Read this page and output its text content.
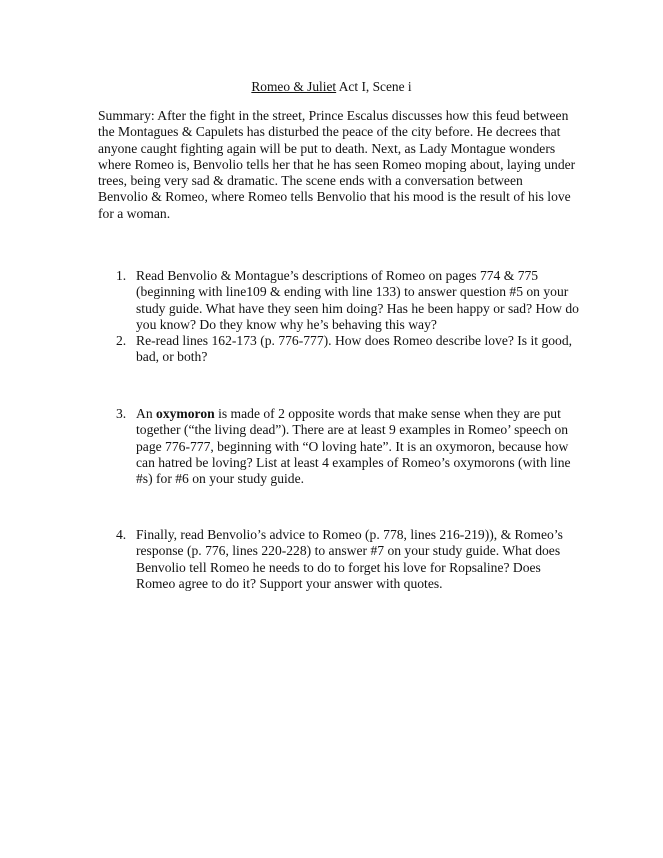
Romeo & Juliet Act I, Scene i

Summary: After the fight in the street, Prince Escalus discusses how this feud between the Montagues & Capulets has disturbed the peace of the city before. He decrees that anyone caught fighting again will be put to death. Next, as Lady Montague wonders where Romeo is, Benvolio tells her that he has seen Romeo moping about, laying under trees, being very sad & dramatic. The scene ends with a conversation between Benvolio & Romeo, where Romeo tells Benvolio that his mood is the result of his love for a woman.

1. Read Benvolio & Montague’s descriptions of Romeo on pages 774 & 775 (beginning with line109 & ending with line 133) to answer question #5 on your study guide. What have they seen him doing? Has he been happy or sad? How do you know? Do they know why he’s behaving this way?

2. Re-read lines 162-173 (p. 776-777). How does Romeo describe love? Is it good, bad, or both?

3. An oxymoron is made of 2 opposite words that make sense when they are put together (“the living dead”). There are at least 9 examples in Romeo’ speech on page 776-777, beginning with “O loving hate”. It is an oxymoron, because how can hatred be loving? List at least 4 examples of Romeo’s oxymorons (with line #s) for #6 on your study guide.

4. Finally, read Benvolio’s advice to Romeo (p. 778, lines 216-219)), & Romeo’s response (p. 776, lines 220-228) to answer #7 on your study guide. What does Benvolio tell Romeo he needs to do to forget his love for Ropsaline? Does Romeo agree to do it? Support your answer with quotes.
